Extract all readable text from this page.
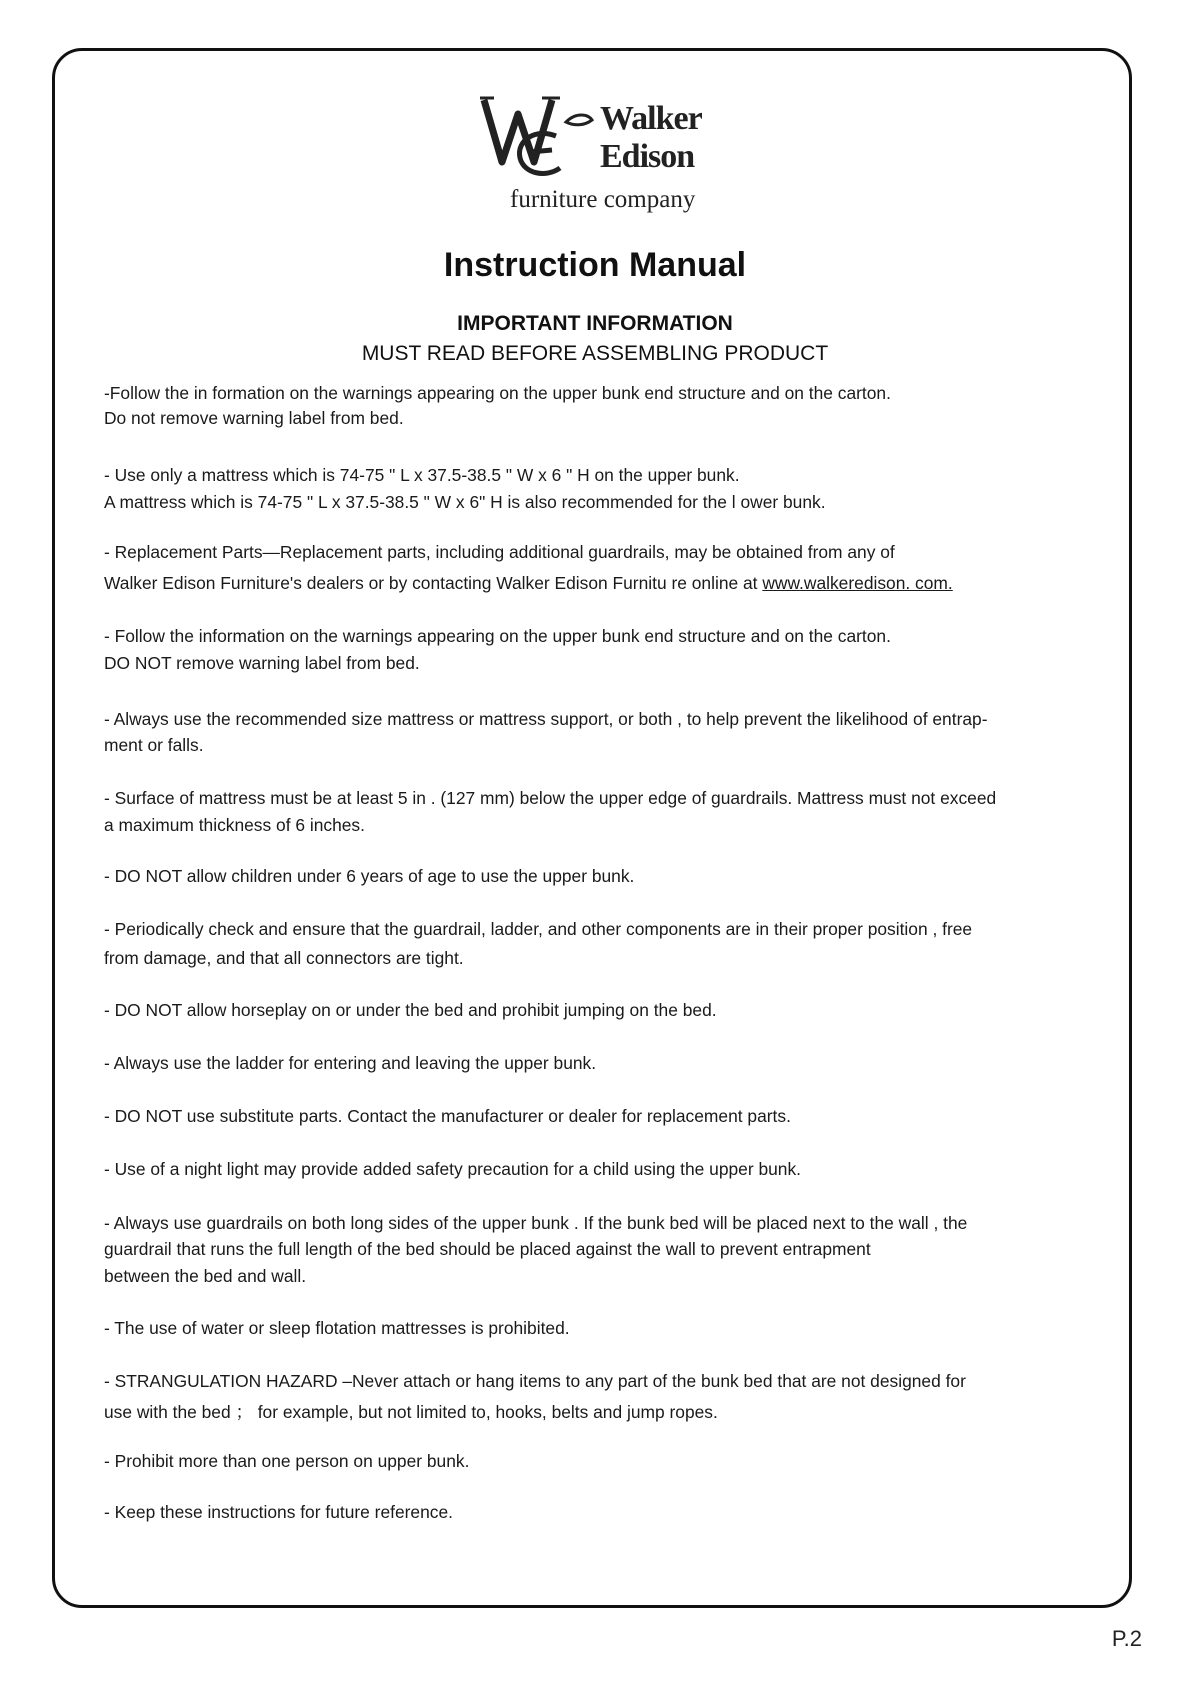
Walker
Edison
furniture company
Instruction Manual
IMPORTANT INFORMATION
MUST READ BEFORE ASSEMBLING PRODUCT
-Follow the in formation on the warnings appearing on the upper bunk end structure and on the carton.
Do not remove warning label from bed.
- Use only a mattress which is 74-75 " L x 37.5-38.5 " W x 6 " H on the upper bunk.
A mattress which is 74-75 " L x 37.5-38.5 " W x 6" H is also recommended for the l ower bunk.
- Replacement Parts—Replacement parts, including additional guardrails, may be obtained from any of
Walker Edison Furniture's dealers or by contacting Walker Edison Furnitu re online at www.walkeredison. com.
- Follow the information on the warnings appearing on the upper bunk end structure and on the carton.
DO NOT remove warning label from bed.
- Always use the recommended size mattress or mattress support, or both , to help prevent the likelihood of entrap-
ment or falls.
- Surface of mattress must be at least 5 in . (127 mm) below the upper edge of guardrails. Mattress must not exceed
a maximum thickness of 6 inches.
- DO NOT allow children under 6 years of age to use the upper bunk.
- Periodically check and ensure that the guardrail, ladder, and other components are in their proper position , free
from damage, and that all connectors are tight.
- DO NOT allow horseplay on or under the bed and prohibit jumping on the bed.
- Always use the ladder for entering and leaving the upper bunk.
- DO NOT use substitute parts. Contact the manufacturer or dealer for replacement parts.
- Use of a night light may provide added safety precaution for a child using the upper bunk.
- Always use guardrails on both long sides of the upper bunk . If the bunk bed will be placed next to the wall , the
guardrail that runs the full length of the bed should be placed against the wall to prevent entrapment
between the bed and wall.
- The use of water or sleep flotation mattresses is prohibited.
- STRANGULATION HAZARD –Never attach or hang items to any part of the bunk bed that are not designed for
use with the bed ； for example, but not limited to, hooks, belts and jump ropes.
- Prohibit more than one person on upper bunk.
- Keep these instructions for future reference.
P.2
